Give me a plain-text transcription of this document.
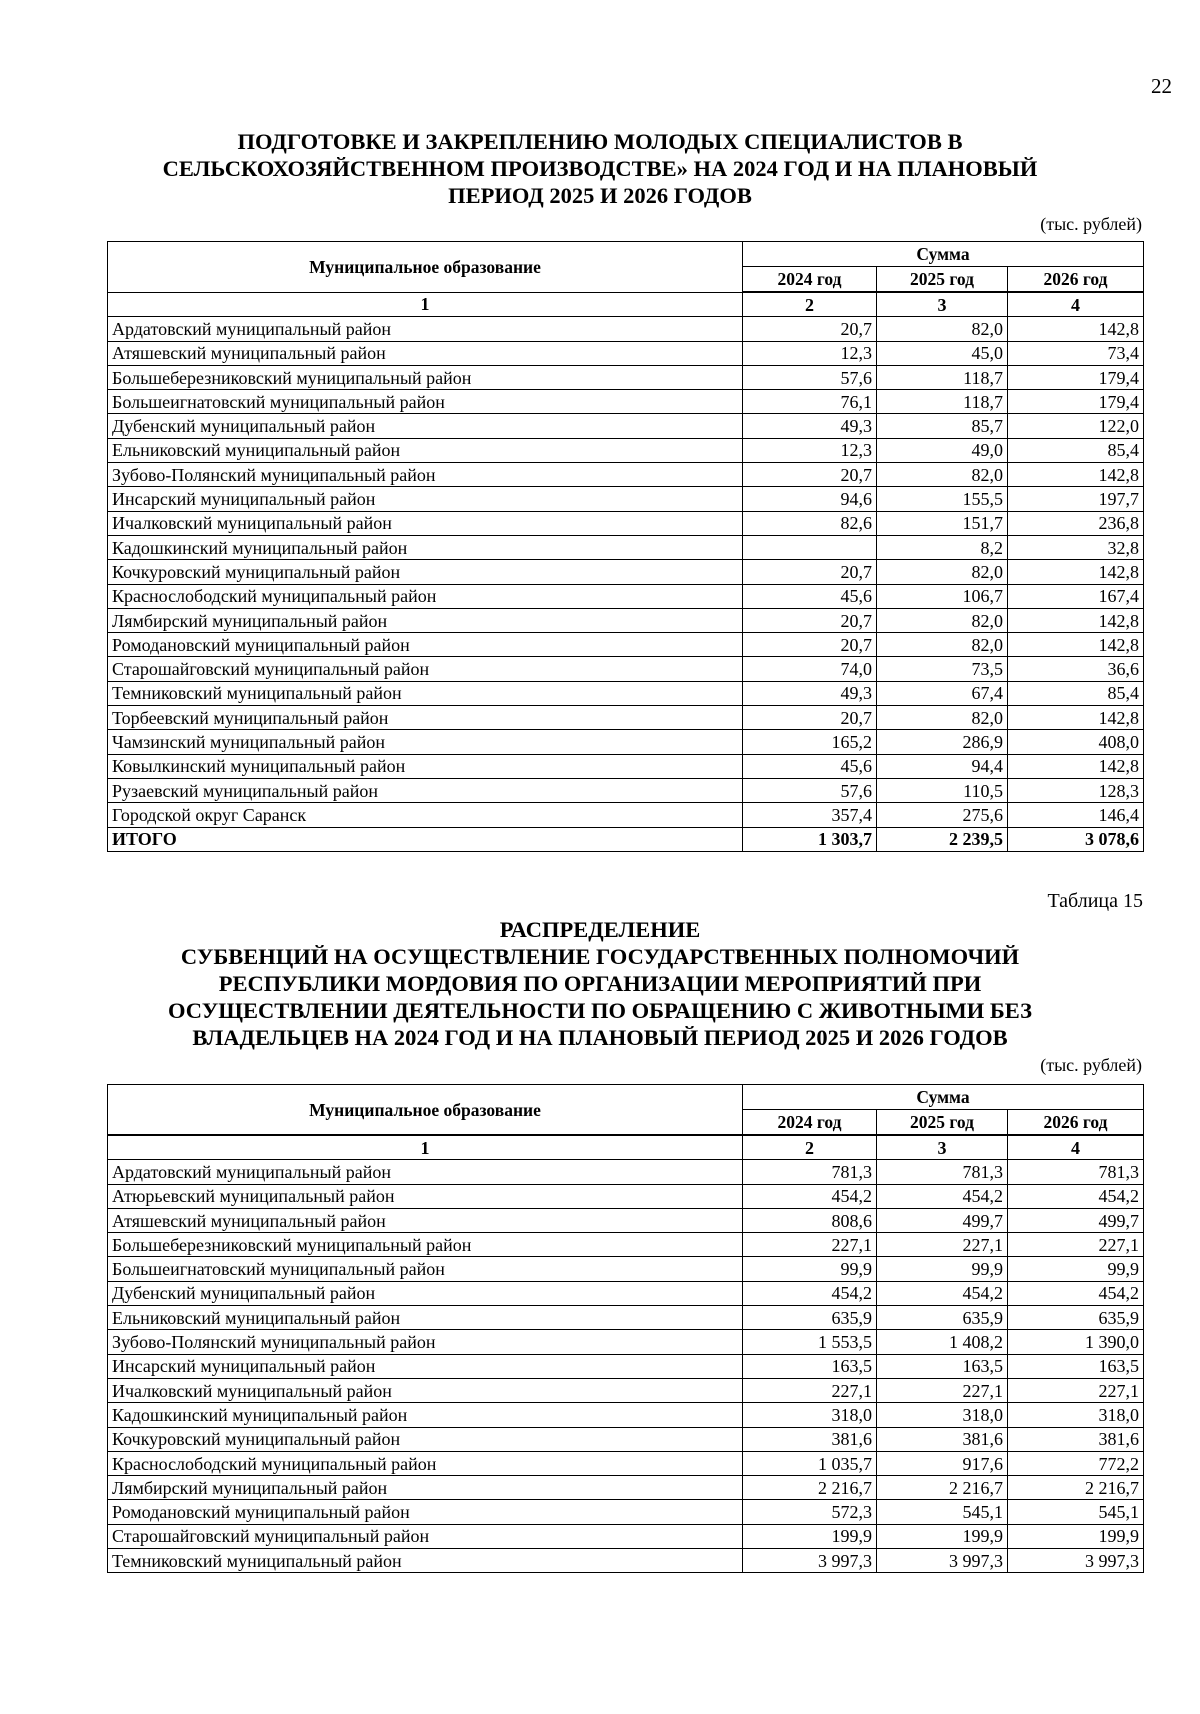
22
ПОДГОТОВКЕ И ЗАКРЕПЛЕНИЮ МОЛОДЫХ СПЕЦИАЛИСТОВ В
СЕЛЬСКОХОЗЯЙСТВЕННОМ ПРОИЗВОДСТВЕ» НА 2024 ГОД И НА ПЛАНОВЫЙ
ПЕРИОД 2025 И 2026 ГОДОВ
(тыс. рублей)
Муниципальное образование	Сумма		
	2024 год	2025 год	2026 год
1	2	3	4
Ардатовский муниципальный район	20,7	82,0	142,8
Атяшевский муниципальный район	12,3	45,0	73,4
Большеберезниковский муниципальный район	57,6	118,7	179,4
Большеигнатовский муниципальный район	76,1	118,7	179,4
Дубенский муниципальный район	49,3	85,7	122,0
Ельниковский муниципальный район	12,3	49,0	85,4
Зубово-Полянский муниципальный район	20,7	82,0	142,8
Инсарский муниципальный район	94,6	155,5	197,7
Ичалковский муниципальный район	82,6	151,7	236,8
Кадошкинский муниципальный район		8,2	32,8
Кочкуровский муниципальный район	20,7	82,0	142,8
Краснослободский муниципальный район	45,6	106,7	167,4
Лямбирский муниципальный район	20,7	82,0	142,8
Ромодановский муниципальный район	20,7	82,0	142,8
Старошайговский муниципальный район	74,0	73,5	36,6
Темниковский муниципальный район	49,3	67,4	85,4
Торбеевский муниципальный район	20,7	82,0	142,8
Чамзинский муниципальный район	165,2	286,9	408,0
Ковылкинский муниципальный район	45,6	94,4	142,8
Рузаевский муниципальный район	57,6	110,5	128,3
Городской округ Саранск	357,4	275,6	146,4
ИТОГО	1 303,7	2 239,5	3 078,6
Таблица 15
РАСПРЕДЕЛЕНИЕ
СУБВЕНЦИЙ НА ОСУЩЕСТВЛЕНИЕ ГОСУДАРСТВЕННЫХ ПОЛНОМОЧИЙ
РЕСПУБЛИКИ МОРДОВИЯ ПО ОРГАНИЗАЦИИ МЕРОПРИЯТИЙ ПРИ
ОСУЩЕСТВЛЕНИИ ДЕЯТЕЛЬНОСТИ ПО ОБРАЩЕНИЮ С ЖИВОТНЫМИ БЕЗ
ВЛАДЕЛЬЦЕВ НА 2024 ГОД И НА ПЛАНОВЫЙ ПЕРИОД 2025 И 2026 ГОДОВ
(тыс. рублей)
Муниципальное образование	Сумма		
	2024 год	2025 год	2026 год
1	2	3	4
Ардатовский муниципальный район	781,3	781,3	781,3
Атюрьевский муниципальный район	454,2	454,2	454,2
Атяшевский муниципальный район	808,6	499,7	499,7
Большеберезниковский муниципальный район	227,1	227,1	227,1
Большеигнатовский муниципальный район	99,9	99,9	99,9
Дубенский муниципальный район	454,2	454,2	454,2
Ельниковский муниципальный район	635,9	635,9	635,9
Зубово-Полянский муниципальный район	1 553,5	1 408,2	1 390,0
Инсарский муниципальный район	163,5	163,5	163,5
Ичалковский муниципальный район	227,1	227,1	227,1
Кадошкинский муниципальный район	318,0	318,0	318,0
Кочкуровский муниципальный район	381,6	381,6	381,6
Краснослободский муниципальный район	1 035,7	917,6	772,2
Лямбирский муниципальный район	2 216,7	2 216,7	2 216,7
Ромодановский муниципальный район	572,3	545,1	545,1
Старошайговский муниципальный район	199,9	199,9	199,9
Темниковский муниципальный район	3 997,3	3 997,3	3 997,3
